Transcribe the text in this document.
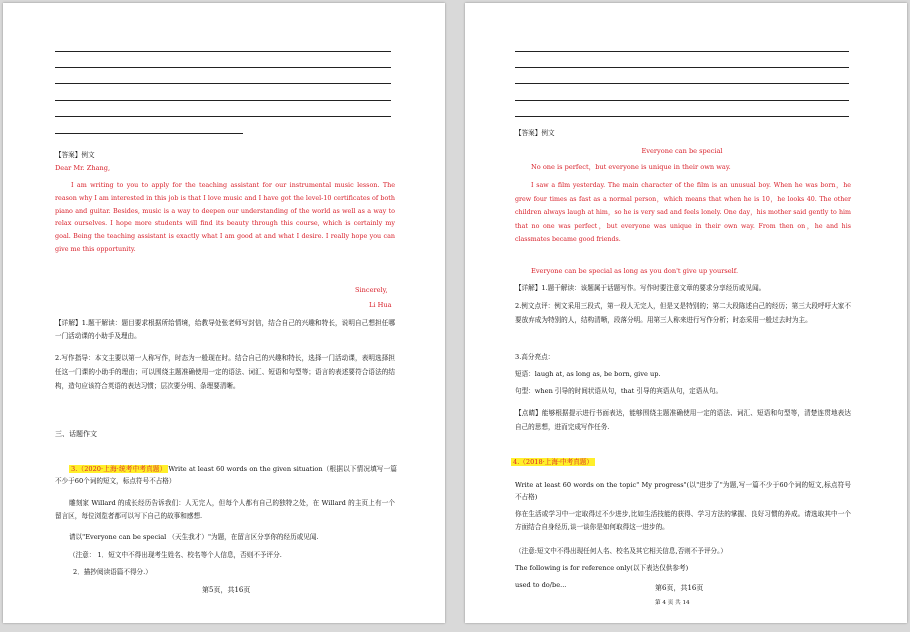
【答案】例文
Dear Mr. Zhang,
I am writing to you to apply for the teaching assistant for our instrumental music lesson. The reason why I am interested in this job is that I love music and I have got the level-10 certificates of both piano and guitar. Besides, music is a way to deepen our understanding of the world as well as a way to relax ourselves. I hope more students will find its beauty through this course, which is certainly my goal. Being the teaching assistant is exactly what I am good at and what I desire. I really hope you can give me this opportunity.
Sincerely,
Li Hua
【详解】1.题干解读：题目要求根据所给情境，给教导处张老师写封信，结合自己的兴趣和特长，说明自己想担任哪一门活动课的小助手及理由。
2.写作指导：本文主要以第一人称写作，时态为一般现在时。结合自己的兴趣和特长，选择一门活动课，表明选择担任这一门课的小助手的理由；可以围绕主题准确使用一定的语法、词汇、短语和句型等；语言的表述要符合语法的结构，造句应该符合英语的表达习惯；层次要分明、条理要清晰。
三、话题作文
3.（2020·上海·统考中考真题） Write at least 60 words on the given situation（根据以下情况填写一篇不少于60个词的短文，标点符号不占格）
雕刻家 Willard 的成长经历告诉我们：人无完人，但每个人都有自己的独特之处，在 Willard 的主页上有一个留言区，每位浏览者都可以写下自己的故事和感想.
请以"Everyone can be special （天生我才）"为题，在留言区分享你的经历或见闻.
（注意： 1．短文中不得出现考生姓名、校名等个人信息，否则不予评分.
2．描抄阅读语篇不得分.）
第5页，共16页
【答案】例文
Everyone can be special
No one is perfect，but everyone is unique in their own way.
I saw a film yesterday. The main character of the film is an unusual boy. When he was born，he grew four times as fast as a normal person，which means that when he is 10，he looks 40. The other children always laugh at him，so he is very sad and feels lonely. One day，his mother said gently to him that no one was perfect，but everyone was unique in their own way. From then on，he and his classmates became good friends.
Everyone can be special as long as you don't give up yourself.
【详解】1.题干解读：该题属于话题写作。写作时要注意文章的要求分享经历或见闻。
2.例文点评：例文采用三段式，第一段人无完人，但是又是特别的；第二大段陈述自己的经历；第三大段呼吁大家不要放弃成为特别的人，结构清晰，段落分明。用第三人称来进行写作分析；时态采用一般过去时为主。
3.高分亮点：
短语：laugh at, as long as, be born, give up.
句型：when 引导的时间状语从句，that 引导的宾语从句，定语从句。
【点睛】能够根据提示进行书面表达，能够围绕主题准确使用一定的语法、词汇、短语和句型等，清楚连贯地表达自己的思想，进而完成写作任务.
4.（2018·上海·中考真题）
Write at least 60 words on the topic" My progress"(以"进步了"为题,写一篇不少于60个词的短文,标点符号不占格)
你在生活或学习中一定取得过不少进步,比如生活技能的获得、学习方法的掌握、良好习惯的养成。请选取其中一个方面结合自身经历,谈一谈你是如何取得这一进步的。
（注意:短文中不得出现任何人名、校名及其它相关信息,否则不予评分。）
The following is for reference only(以下表达仅供参考)
used to do/be...	第6页，共16页
第 4 页 共 14
